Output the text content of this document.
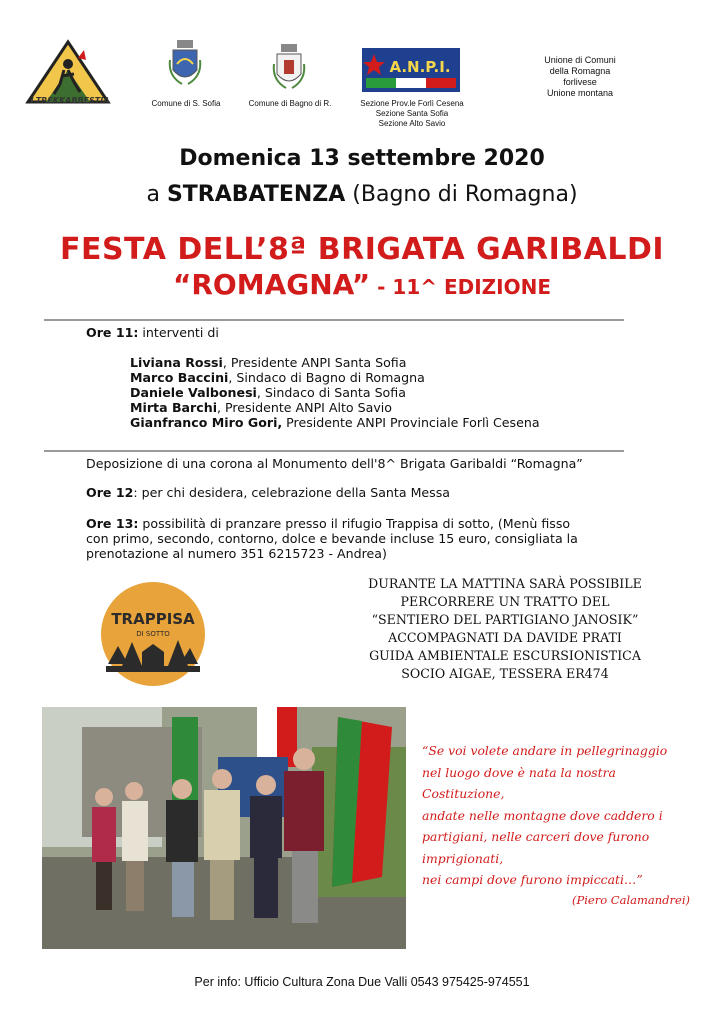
I-TREKKABBESTIA	Comune di S. Sofia	Comune di Bagno di R.
A.N.P.I.
Sezione Prov.le Forlì Cesena
Sezione Santa Sofia
Sezione Alto Savio
Unione di Comuni
della Romagna
forlivese
Unione montana
Domenica 13 settembre 2020
a STRABATENZA (Bagno di Romagna)
FESTA DELL’8ª BRIGATA GARIBALDI
“ROMAGNA” - 11^ EDIZIONE
Ore 11: interventi di
Liviana Rossi, Presidente ANPI Santa Sofia
Marco Baccini, Sindaco di Bagno di Romagna
Daniele Valbonesi, Sindaco di Santa Sofia
Mirta Barchi, Presidente ANPI Alto Savio
Gianfranco Miro Gori, Presidente ANPI Provinciale Forlì Cesena
Deposizione di una corona al Monumento dell'8^ Brigata Garibaldi “Romagna”
Ore 12: per chi desidera, celebrazione della Santa Messa
Ore 13: possibilità di pranzare presso il rifugio Trappisa di sotto, (Menù fisso
con primo, secondo, contorno, dolce e bevande incluse 15 euro, consigliata la
prenotazione al numero 351 6215723 - Andrea)
TRAPPISA
DI SOTTO
DURANTE LA MATTINA SARÀ POSSIBILE
PERCORRERE UN TRATTO DEL
“SENTIERO DEL PARTIGIANO JANOSIK”
ACCOMPAGNATI DA DAVIDE PRATI
GUIDA AMBIENTALE ESCURSIONISTICA
SOCIO AIGAE, TESSERA ER474
“Se voi volete andare in pellegrinaggio
nel luogo dove è nata la nostra
Costituzione,
andate nelle montagne dove caddero i
partigiani, nelle carceri dove furono
imprigionati,
nei campi dove furono impiccati…”
(Piero Calamandrei)
Per info: Ufficio Cultura Zona Due Valli 0543 975425-974551
